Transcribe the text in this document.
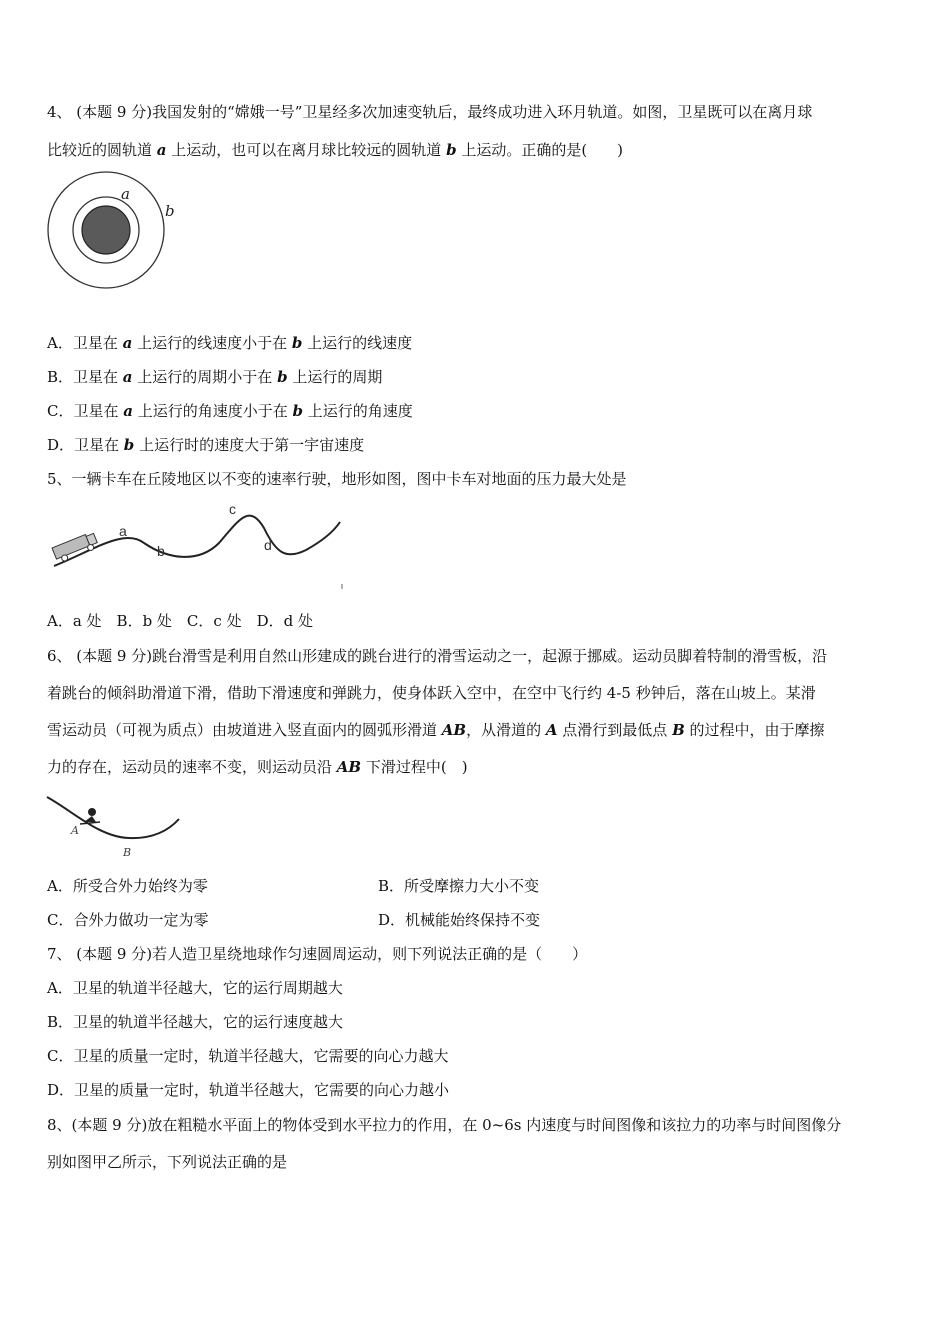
4、 (本题 9 分)我国发射的“嫦娥一号”卫星经多次加速变轨后，最终成功进入环月轨道。如图，卫星既可以在离月球
比较近的圆轨道 a 上运动，也可以在离月球比较远的圆轨道 b 上运动。正确的是(　　)
a
b
A．卫星在 a 上运行的线速度小于在 b 上运行的线速度
B．卫星在 a 上运行的周期小于在 b 上运行的周期
C．卫星在 a 上运行的角速度小于在 b 上运行的角速度
D．卫星在 b 上运行时的速度大于第一宇宙速度
5、一辆卡车在丘陵地区以不变的速率行驶，地形如图，图中卡车对地面的压力最大处是
a
b
c
d
A．a 处　B．b 处　C．c 处　D．d 处
6、 (本题 9 分)跳台滑雪是利用自然山形建成的跳台进行的滑雪运动之一，起源于挪威。运动员脚着特制的滑雪板，沿
着跳台的倾斜助滑道下滑，借助下滑速度和弹跳力，使身体跃入空中，在空中飞行约 4-5 秒钟后，落在山坡上。某滑
雪运动员（可视为质点）由坡道进入竖直面内的圆弧形滑道 AB，从滑道的 A 点滑行到最低点 B 的过程中，由于摩擦
力的存在，运动员的速率不变，则运动员沿 AB 下滑过程中(　)
A
B
A．所受合外力始终为零	B．所受摩擦力大小不变
C．合外力做功一定为零	D．机械能始终保持不变
7、 (本题 9 分)若人造卫星绕地球作匀速圆周运动，则下列说法正确的是（　　）
A．卫星的轨道半径越大，它的运行周期越大
B．卫星的轨道半径越大，它的运行速度越大
C．卫星的质量一定时，轨道半径越大，它需要的向心力越大
D．卫星的质量一定时，轨道半径越大，它需要的向心力越小
8、(本题 9 分)放在粗糙水平面上的物体受到水平拉力的作用，在 0~6s 内速度与时间图像和该拉力的功率与时间图像分
别如图甲乙所示，下列说法正确的是
